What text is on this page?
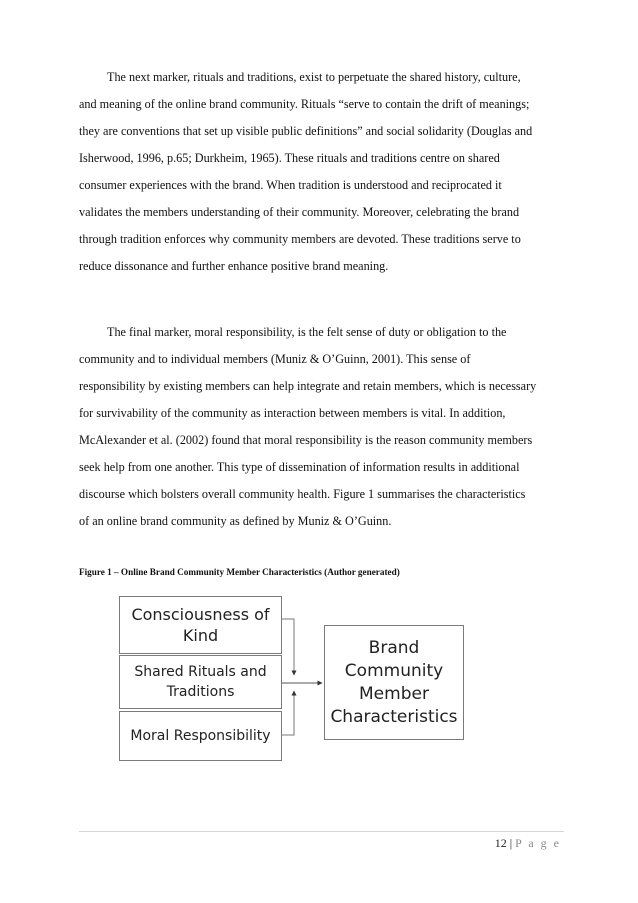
The next marker, rituals and traditions, exist to perpetuate the shared history, culture,
and meaning of the online brand community. Rituals “serve to contain the drift of meanings;
they are conventions that set up visible public definitions” and social solidarity (Douglas and
Isherwood, 1996, p.65; Durkheim, 1965). These rituals and traditions centre on shared
consumer experiences with the brand. When tradition is understood and reciprocated it
validates the members understanding of their community. Moreover, celebrating the brand
through tradition enforces why community members are devoted. These traditions serve to
reduce dissonance and further enhance positive brand meaning.
The final marker, moral responsibility, is the felt sense of duty or obligation to the
community and to individual members (Muniz & O’Guinn, 2001). This sense of
responsibility by existing members can help integrate and retain members, which is necessary
for survivability of the community as interaction between members is vital. In addition,
McAlexander et al. (2002) found that moral responsibility is the reason community members
seek help from one another. This type of dissemination of information results in additional
discourse which bolsters overall community health. Figure 1 summarises the characteristics
of an online brand community as defined by Muniz & O’Guinn.
Figure 1 – Online Brand Community Member Characteristics (Author generated)
Consciousness of
Kind
Shared Rituals and
Traditions
Moral Responsibility
Brand
Community
Member
Characteristics
12 | P a g e
